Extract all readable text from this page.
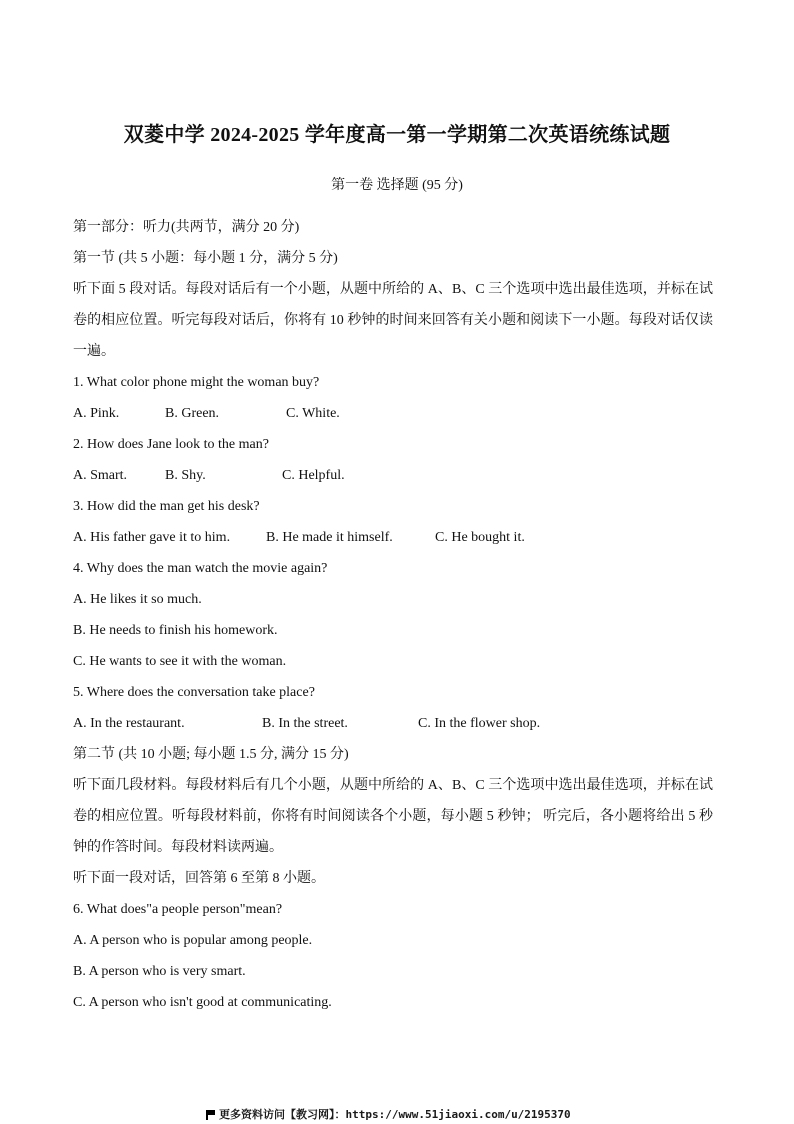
双菱中学 2024-2025 学年度高一第一学期第二次英语统练试题
第一卷 选择题 (95 分)
第一部分：听力(共两节，满分 20 分)
第一节 (共 5 小题：每小题 1 分，满分 5 分)
听下面 5 段对话。每段对话后有一个小题，从题中所给的 A、B、C 三个选项中选出最佳选项，并标在试卷的相应位置。听完每段对话后，你将有 10 秒钟的时间来回答有关小题和阅读下一小题。每段对话仅读一遍。
1. What color phone might the woman buy?
A. Pink.	B. Green.	C. White.
2. How does Jane look to the man?
A. Smart.	B. Shy.	C. Helpful.
3. How did the man get his desk?
A. His father gave it to him.	B. He made it himself.	C. He bought it.
4. Why does the man watch the movie again?
A. He likes it so much.
B. He needs to finish his homework.
C. He wants to see it with the woman.
5. Where does the conversation take place?
A. In the restaurant.	B. In the street.	C. In the flower shop.
第二节 (共 10 小题; 每小题 1.5 分, 满分 15 分)
听下面几段材料。每段材料后有几个小题，从题中所给的 A、B、C 三个选项中选出最佳选项，并标在试卷的相应位置。听每段材料前，你将有时间阅读各个小题，每小题 5 秒钟； 听完后，各小题将给出 5 秒钟的作答时间。每段材料读两遍。
听下面一段对话，回答第 6 至第 8 小题。
6. What does"a people person"mean?
A. A person who is popular among people.
B. A person who is very smart.
C. A person who isn't good at communicating.
更多资料访问【教习网】：https://www.51jiaoxi.com/u/2195370
